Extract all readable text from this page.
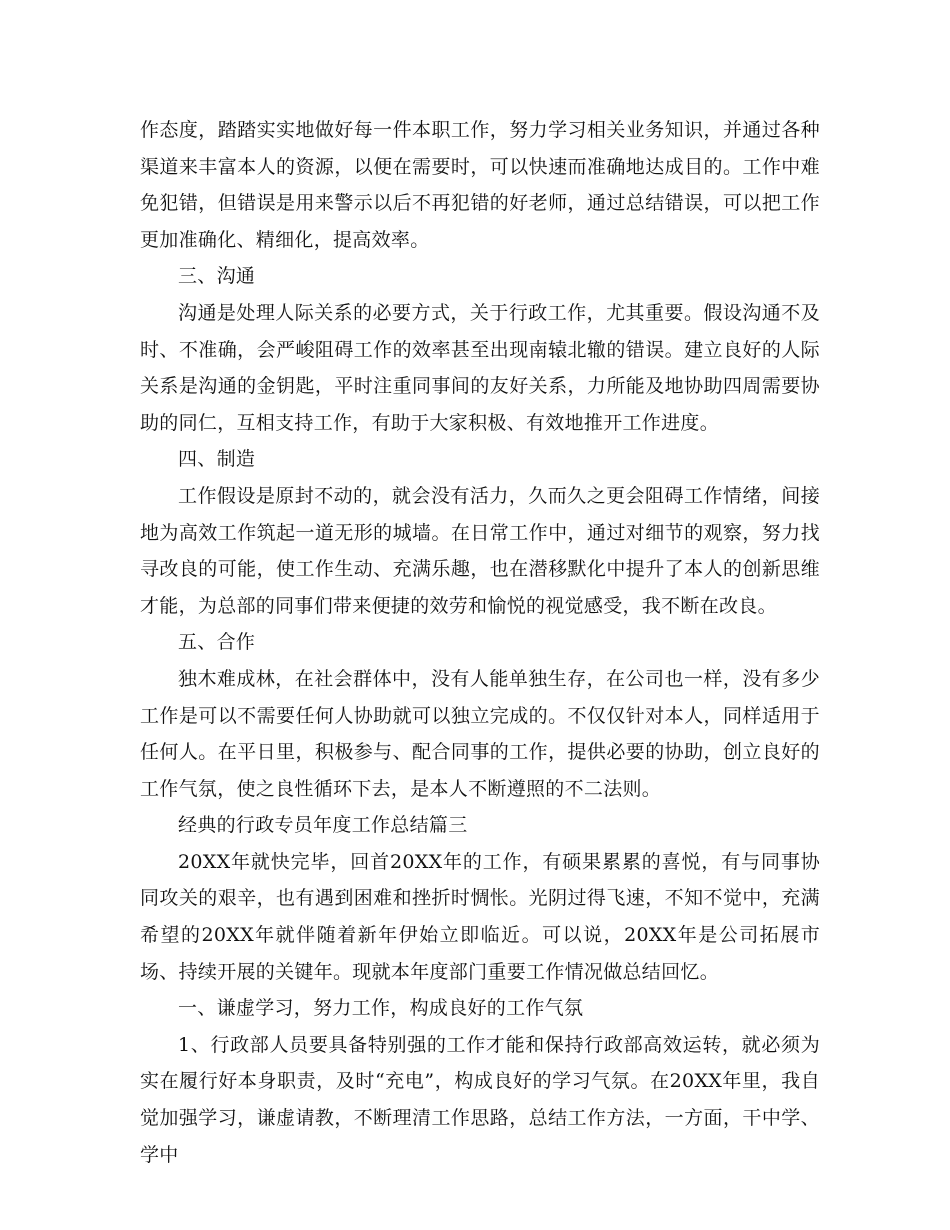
作态度，踏踏实实地做好每一件本职工作，努力学习相关业务知识，并通过各种渠道来丰富本人的资源，以便在需要时，可以快速而准确地达成目的。工作中难免犯错，但错误是用来警示以后不再犯错的好老师，通过总结错误，可以把工作更加准确化、精细化，提高效率。

三、沟通

沟通是处理人际关系的必要方式，关于行政工作，尤其重要。假设沟通不及时、不准确，会严峻阻碍工作的效率甚至出现南辕北辙的错误。建立良好的人际关系是沟通的金钥匙，平时注重同事间的友好关系，力所能及地协助四周需要协助的同仁，互相支持工作，有助于大家积极、有效地推开工作进度。

四、制造

工作假设是原封不动的，就会没有活力，久而久之更会阻碍工作情绪，间接地为高效工作筑起一道无形的城墙。在日常工作中，通过对细节的观察，努力找寻改良的可能，使工作生动、充满乐趣，也在潜移默化中提升了本人的创新思维才能，为总部的同事们带来便捷的效劳和愉悦的视觉感受，我不断在改良。

五、合作

独木难成林，在社会群体中，没有人能单独生存，在公司也一样，没有多少工作是可以不需要任何人协助就可以独立完成的。不仅仅针对本人，同样适用于任何人。在平日里，积极参与、配合同事的工作，提供必要的协助，创立良好的工作气氛，使之良性循环下去，是本人不断遵照的不二法则。

经典的行政专员年度工作总结篇三

20XX年就快完毕，回首20XX年的工作，有硕果累累的喜悦，有与同事协同攻关的艰辛，也有遇到困难和挫折时惆怅。光阴过得飞速，不知不觉中，充满希望的20XX年就伴随着新年伊始立即临近。可以说，20XX年是公司拓展市场、持续开展的关键年。现就本年度部门重要工作情况做总结回忆。

一、谦虚学习，努力工作，构成良好的工作气氛

1、行政部人员要具备特别强的工作才能和保持行政部高效运转，就必须为实在履行好本身职责，及时“充电”，构成良好的学习气氛。在20XX年里，我自觉加强学习，谦虚请教，不断理清工作思路，总结工作方法，一方面，干中学、学中
